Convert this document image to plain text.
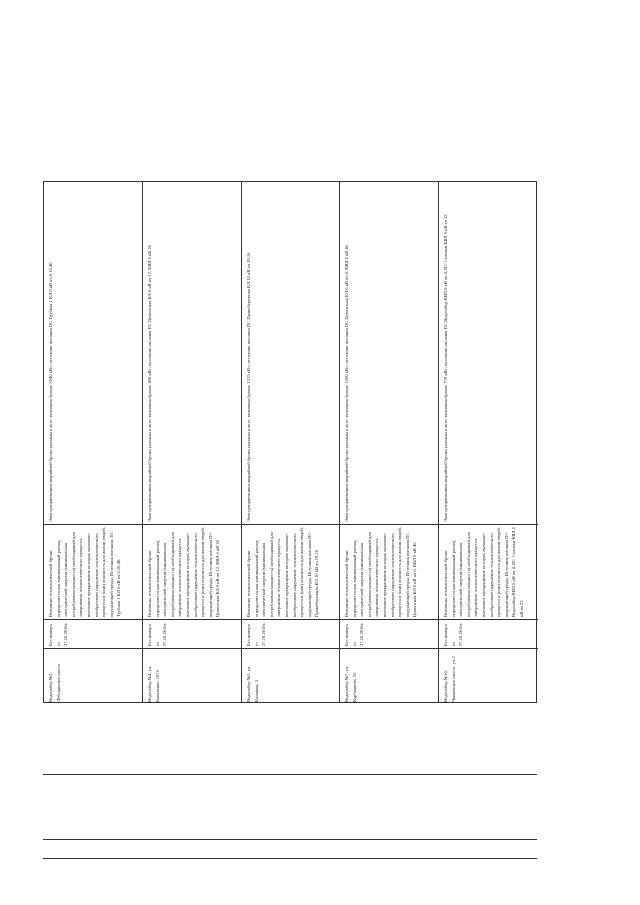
Водозабор №3, Лебединское шоссе
Без номера от 27.10.2016г.
Величина технологической брони определяется как минимальный расход электрической энергии (минимальная потребляемая мощность) необходимый для завершения технологического процесса, внезапное прекращение которых вызывает необратимое нарушение технологического процесса и (или) опасность для жизни людей, окружающей среды. Источник питания: ПС Трубная 1 КЛ 6 кВ яч 6.10,40.
Электроприемники аварийной брони указаны в акте, величина брони: 2640 кВт; источник питания ПС Трубная 1 КЛ 6 кВ яч 6.10,40
Водозабор №4, ул. Коваленко, 107б
Без номера от 27.10.2016г.
Величина технологической брони определяется как минимальный расход электрической энергии (минимальная потребляемая мощность) необходимый для завершения технологического процесса, внезапное прекращение которых вызывает необратимое нарушение технологического процесса и (или) опасность для жизни людей, окружающей среды. Источник питания ПС Цементная КЛ 6 кВ яч 12, КВЛ 6 кВ 26
Электроприемники аварийной брони указаны в акте, величина брони: 400 кВт; источник питания ПС Цементная КЛ 6 кВ яч 12, КВЛ 6 кВ 26
Водозабор №5, ул. Казакова, 3
Без номера от 27.10.2016г.
Величина технологической брони определяется как минимальный расход электрической энергии (минимальная потребляемая мощность) необходимый для завершения технологического процесса, внезапное прекращение которых вызывает необратимое нарушение технологического процесса и (или) опасность для жизни людей, окружающей среды. Источник питания ПС Правобережная КЛ 10 кВ яч 19,16
Электроприемники аварийной брони указаны в акте, величина брони: 1215 кВт; источник питания ПС Правобережная КЛ 10 кВ яч 19,16
Водозабор №7, ул. Карбышева, 55
Без номера от 27.10.2016г.
Величина технологической брони определяется как минимальный расход электрической энергии (минимальная потребляемая мощность) необходимый для завершения технологического процесса, внезапное прекращение которых вызывает необратимое нарушение технологического процесса и (или) опасность для жизни людей, окружающей среды. Источник питания ПС Цементная КЛ 6 кВ яч 6, КВЛ 6 кВ 46
Электроприемники аварийной брони указаны в акте, величина брони: 1200 кВт; источник питания ПС Цементная КЛ 6 кВ яч 6, КВЛ 6 кВ 46
Водозабор №10, Чапаевское шоссе, уч.2
Без номера от 27.10.2016г.
Величина технологической брони определяется как минимальный расход электрической энергии (минимальная потребляемая мощность) необходимый для завершения технологического процесса, внезапное прекращение которых вызывает необратимое нарушение технологического процесса и (или) опасность для жизни людей, окружающей среды. Источник питания ПС Водозабор КВЛ 6 кВ яч 4, ПС Соловьи КВЛ 6 кВ яч 22
Электроприемники аварийной брони указаны в акте, величина брони: 770 кВт; источник питания ПС Водозабор КВЛ 6 кВ яч 4, ПС Соловьи КВЛ 6 кВ яч 22
